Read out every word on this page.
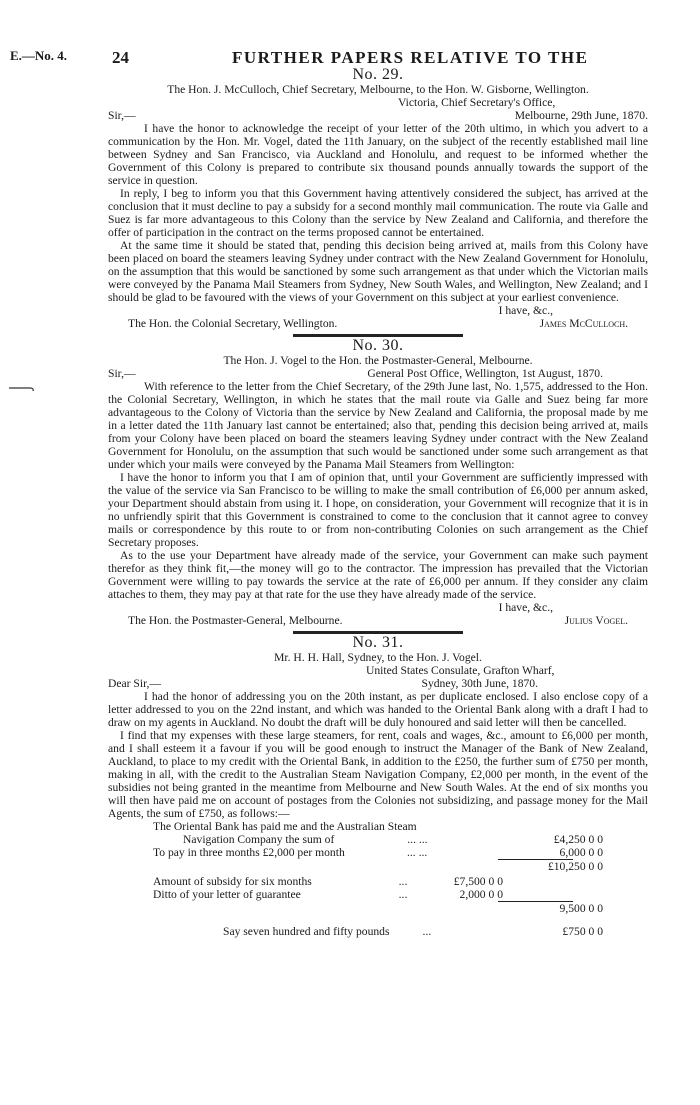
E.—No. 4.	24	FURTHER PAPERS RELATIVE TO THE
No. 29.

The Hon. J. McCulloch, Chief Secretary, Melbourne, to the Hon. W. Gisborne, Wellington.

Victoria, Chief Secretary's Office,

Sir,—	Melbourne, 29th June, 1870.

I have the honor to acknowledge the receipt of your letter of the 20th ultimo, in which you advert to a communication by the Hon. Mr. Vogel, dated the 11th January, on the subject of the recently established mail line between Sydney and San Francisco, via Auckland and Honolulu, and request to be informed whether the Government of this Colony is prepared to contribute six thousand pounds annually towards the support of the service in question.

In reply, I beg to inform you that this Government having attentively considered the subject, has arrived at the conclusion that it must decline to pay a subsidy for a second monthly mail communication. The route via Galle and Suez is far more advantageous to this Colony than the service by New Zealand and California, and therefore the offer of participation in the contract on the terms proposed cannot be entertained.

At the same time it should be stated that, pending this decision being arrived at, mails from this Colony have been placed on board the steamers leaving Sydney under contract with the New Zealand Government for Honolulu, on the assumption that this would be sanctioned by some such arrangement as that under which the Victorian mails were conveyed by the Panama Mail Steamers from Sydney, New South Wales, and Wellington, New Zealand; and I should be glad to be favoured with the views of your Government on this subject at your earliest convenience.

I have, &c.,

The Hon. the Colonial Secretary, Wellington.	James McCulloch.
No. 30.

The Hon. J. Vogel to the Hon. the Postmaster-General, Melbourne.

Sir,—	General Post Office, Wellington, 1st August, 1870.

With reference to the letter from the Chief Secretary, of the 29th June last, No. 1,575, addressed to the Hon. the Colonial Secretary, Wellington, in which he states that the mail route via Galle and Suez being far more advantageous to the Colony of Victoria than the service by New Zealand and California, the proposal made by me in a letter dated the 11th January last cannot be entertained; also that, pending this decision being arrived at, mails from your Colony have been placed on board the steamers leaving Sydney under contract with the New Zealand Government for Honolulu, on the assumption that such would be sanctioned under some such arrangement as that under which your mails were conveyed by the Panama Mail Steamers from Wellington:

I have the honor to inform you that I am of opinion that, until your Government are sufficiently impressed with the value of the service via San Francisco to be willing to make the small contribution of £6,000 per annum asked, your Department should abstain from using it. I hope, on consideration, your Government will recognize that it is in no unfriendly spirit that this Government is constrained to come to the conclusion that it cannot agree to convey mails or correspondence by this route to or from non-contributing Colonies on such arrangement as the Chief Secretary proposes.

As to the use your Department have already made of the service, your Government can make such payment therefor as they think fit,—the money will go to the contractor. The impression has prevailed that the Victorian Government were willing to pay towards the service at the rate of £6,000 per annum. If they consider any claim attaches to them, they may pay at that rate for the use they have already made of the service.

I have, &c.,

The Hon. the Postmaster-General, Melbourne.	Julius Vogel.
No. 31.

Mr. H. H. Hall, Sydney, to the Hon. J. Vogel.

United States Consulate, Grafton Wharf,

Dear Sir,—	Sydney, 30th June, 1870.

I had the honor of addressing you on the 20th instant, as per duplicate enclosed. I also enclose copy of a letter addressed to you on the 22nd instant, and which was handed to the Oriental Bank along with a draft I had to draw on my agents in Auckland. No doubt the draft will be duly honoured and said letter will then be cancelled.

I find that my expenses with these large steamers, for rent, coals and wages, &c., amount to £6,000 per month, and I shall esteem it a favour if you will be good enough to instruct the Manager of the Bank of New Zealand, Auckland, to place to my credit with the Oriental Bank, in addition to the £250, the further sum of £750 per month, making in all, with the credit to the Australian Steam Navigation Company, £2,000 per month, in the event of the subsidies not being granted in the meantime from Melbourne and New South Wales. At the end of six months you will then have paid me on account of postages from the Colonies not subsidizing, and passage money for the Mail Agents, the sum of £750, as follows:—

The Oriental Bank has paid me and the Australian Steam
Navigation Company the sum of	... ...	£4,250 0 0
To pay in three months £2,000 per month	... ...	6,000 0 0
£10,250 0 0
Amount of subsidy for six months	...	£7,500 0 0
Ditto of your letter of guarantee	...	2,000 0 0
9,500 0 0
Say seven hundred and fifty pounds	...	£750 0 0
